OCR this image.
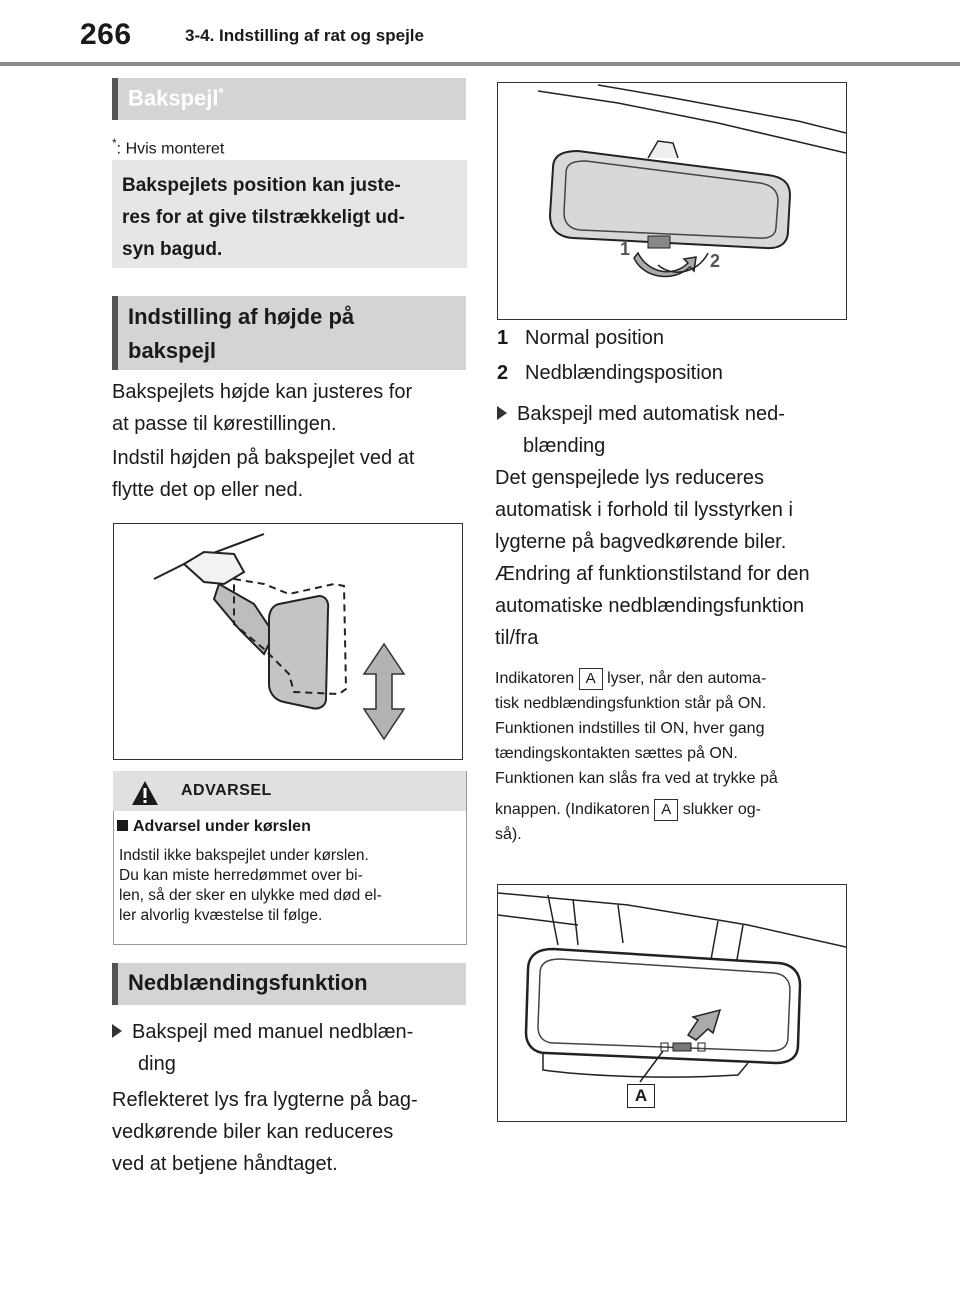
266	3-4. Indstilling af rat og spejle
Bakspejl*
*: Hvis monteret
Bakspejlets position kan juste-
res for at give tilstrækkeligt ud-
syn bagud.
Indstilling af højde på
bakspejl
Bakspejlets højde kan justeres for
at passe til kørestillingen.
Indstil højden på bakspejlet ved at
flytte det op eller ned.
ADVARSEL
Advarsel under kørslen
Indstil ikke bakspejlet under kørslen.
Du kan miste herredømmet over bi-
len, så der sker en ulykke med død el-
ler alvorlig kvæstelse til følge.
Nedblændingsfunktion
Bakspejl med manuel nedblæn-
ding
Reflekteret lys fra lygterne på bag-
vedkørende biler kan reduceres
ved at betjene håndtaget.
1
2
1 Normal position
2 Nedblændingsposition
Bakspejl med automatisk ned-
blænding
Det genspejlede lys reduceres
automatisk i forhold til lysstyrken i
lygterne på bagvedkørende biler.
Ændring af funktionstilstand for den
automatiske nedblændingsfunktion
til/fra
Indikatoren A lyser, når den automa-
tisk nedblændingsfunktion står på ON.
Funktionen indstilles til ON, hver gang
tændingskontakten sættes på ON.
Funktionen kan slås fra ved at trykke på
knappen. (Indikatoren A slukker og-
så).
A
